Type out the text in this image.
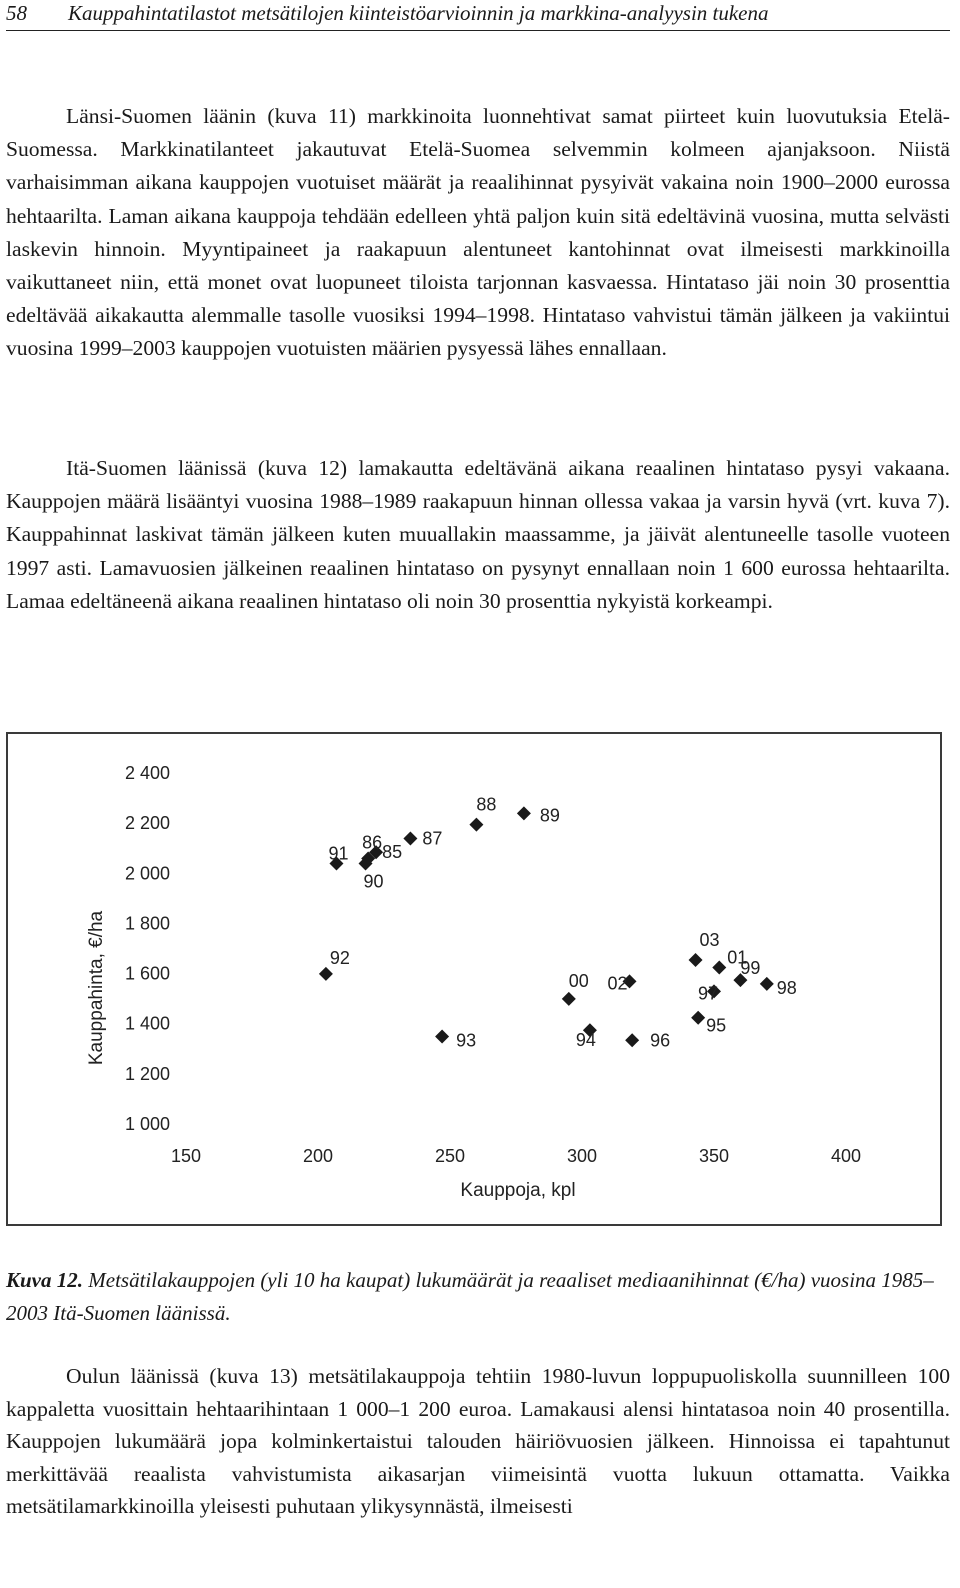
58 Kauppahintatilastot metsätilojen kiinteistöarvioinnin ja markkina-analyysin tukena

Länsi-Suomen läänin (kuva 11) markkinoita luonnehtivat samat piirteet kuin luovutuksia Etelä-Suomessa. Markkinatilanteet jakautuvat Etelä-Suomea selvemmin kolmeen ajanjaksoon. Niistä varhaisimman aikana kauppojen vuotuiset määrät ja reaalihinnat pysyivät vakaina noin 1900–2000 eurossa hehtaarilta. Laman aikana kauppoja tehdään edelleen yhtä paljon kuin sitä edeltävinä vuosina, mutta selvästi laskevin hinnoin. Myyntipaineet ja raakapuun alentuneet kantohinnat ovat ilmeisesti markkinoilla vaikuttaneet niin, että monet ovat luopuneet tiloista tarjonnan kasvaessa. Hintataso jäi noin 30 prosenttia edeltävää aikakautta alemmalle tasolle vuosiksi 1994–1998. Hintataso vahvistui tämän jälkeen ja vakiintui vuosina 1999–2003 kauppojen vuotuisten määrien pysyessä lähes ennallaan.

Itä-Suomen läänissä (kuva 12) lamakautta edeltävänä aikana reaalinen hintataso pysyi vakaana. Kauppojen määrä lisääntyi vuosina 1988–1989 raakapuun hinnan ollessa vakaa ja varsin hyvä (vrt. kuva 7). Kauppahinnat laskivat tämän jälkeen kuten muuallakin maassamme, ja jäivät alentuneelle tasolle vuoteen 1997 asti. Lamavuosien jälkeinen reaalinen hintataso on pysynyt ennallaan noin 1 600 eurossa hehtaarilta. Lamaa edeltäneenä aikana reaalinen hintataso oli noin 30 prosenttia nykyistä korkeampi.

Kauppahinta, €/ha
Kauppoja, kpl
1 000
1 200
1 400
1 600
1 800
2 000
2 200
2 400
150	200	250	300	350	400
85
86 87
88
89
90
91
92
93	94
95
96
97	98
99
00
01
02
03

Kuva 12. Metsätilakauppojen (yli 10 ha kaupat) lukumäärät ja reaaliset mediaanihinnat (€/ha) vuosina 1985–2003 Itä-Suomen läänissä.

Oulun läänissä (kuva 13) metsätilakauppoja tehtiin 1980-luvun loppupuoliskolla suunnilleen 100 kappaletta vuosittain hehtaarihintaan 1 000–1 200 euroa. Lamakausi alensi hintatasoa noin 40 prosentilla. Kauppojen lukumäärä jopa kolminkertaistui talouden häiriövuosien jälkeen. Hinnoissa ei tapahtunut merkittävää reaalista vahvistumista aikasarjan viimeisintä vuotta lukuun ottamatta. Vaikka metsätilamarkkinoilla yleisesti puhutaan ylikysynnästä, ilmeisesti
